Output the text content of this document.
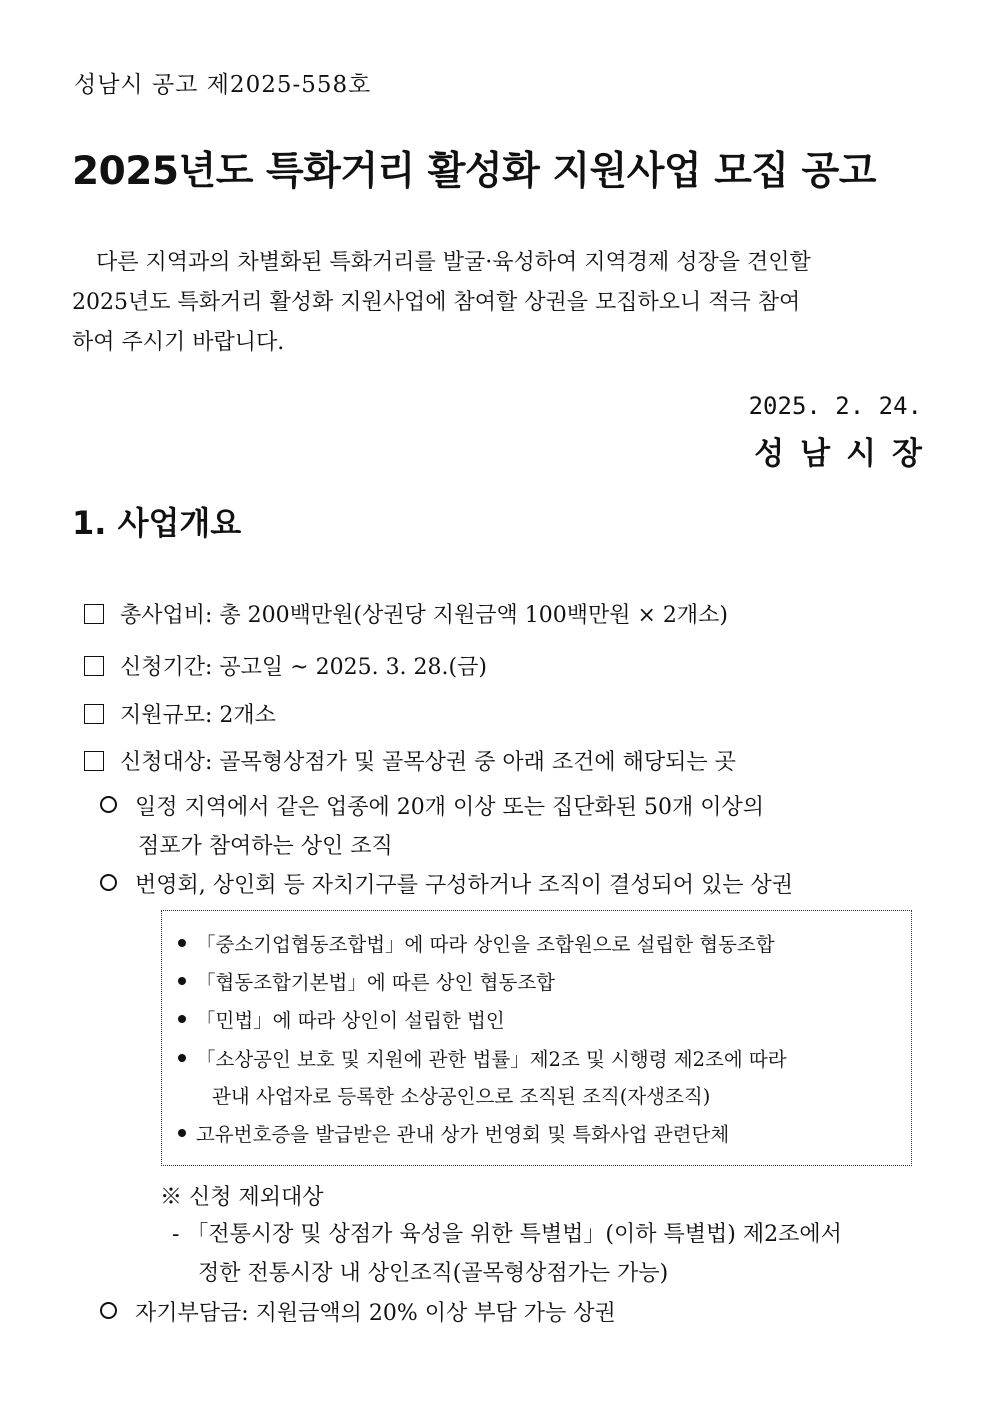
성남시 공고 제2025-558호
2025년도 특화거리 활성화 지원사업 모집 공고

다른 지역과의 차별화된 특화거리를 발굴·육성하여 지역경제 성장을 견인할

2025년도 특화거리 활성화 지원사업에 참여할 상권을 모집하오니 적극 참여

하여 주시기 바랍니다.

2025. 2. 24.
성남시장
1. 사업개요
총사업비: 총 200백만원(상권당 지원금액 100백만원 × 2개소)
신청기간: 공고일 ~ 2025. 3. 28.(금)
지원규모: 2개소
신청대상: 골목형상점가 및 골목상권 중 아래 조건에 해당되는 곳
일정 지역에서 같은 업종에 20개 이상 또는 집단화된 50개 이상의
점포가 참여하는 상인 조직
번영회, 상인회 등 자치기구를 구성하거나 조직이 결성되어 있는 상권
「중소기업협동조합법」에 따라 상인을 조합원으로 설립한 협동조합
「협동조합기본법」에 따른 상인 협동조합
「민법」에 따라 상인이 설립한 법인
「소상공인 보호 및 지원에 관한 법률」제2조 및 시행령 제2조에 따라
관내 사업자로 등록한 소상공인으로 조직된 조직(자생조직)
고유번호증을 발급받은 관내 상가 번영회 및 특화사업 관련단체
※ 신청 제외대상
- 「전통시장 및 상점가 육성을 위한 특별법」(이하 특별법) 제2조에서
정한 전통시장 내 상인조직(골목형상점가는 가능)
자기부담금: 지원금액의 20% 이상 부담 가능 상권
